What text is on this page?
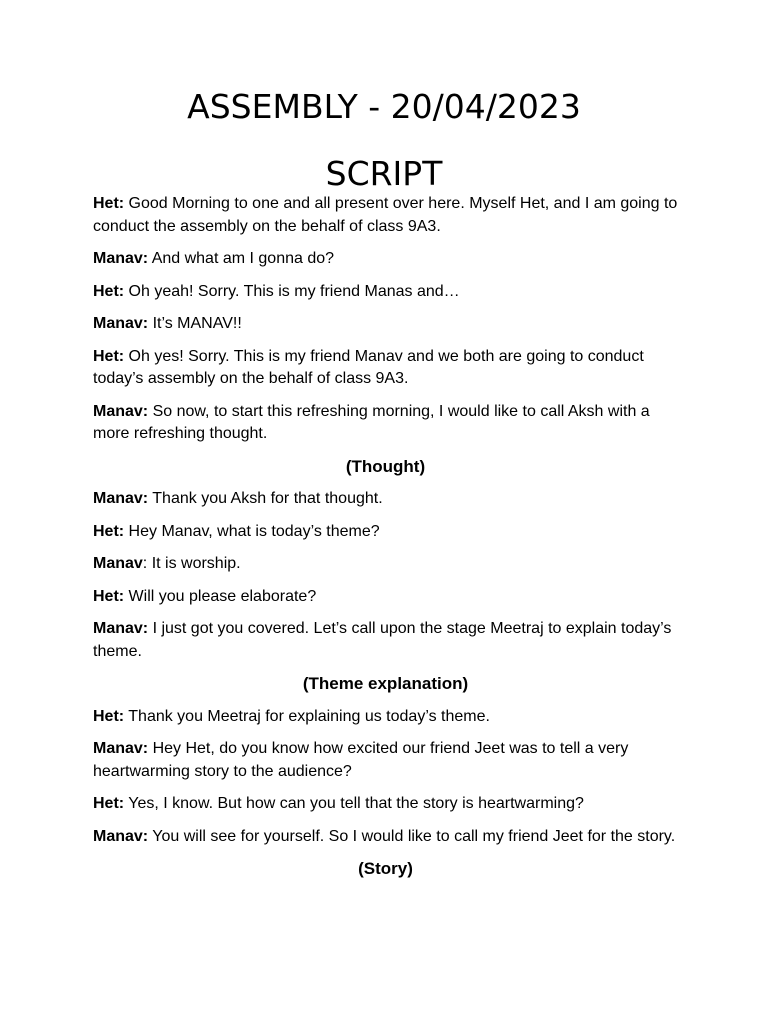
ASSEMBLY - 20/04/2023
SCRIPT

Het: Good Morning to one and all present over here. Myself Het, and I am going to conduct the assembly on the behalf of class 9A3.

Manav: And what am I gonna do?

Het: Oh yeah! Sorry. This is my friend Manas and…

Manav: It’s MANAV!!

Het: Oh yes! Sorry. This is my friend Manav and we both are going to conduct today’s assembly on the behalf of class 9A3.

Manav: So now, to start this refreshing morning, I would like to call Aksh with a more refreshing thought.

(Thought)

Manav: Thank you Aksh for that thought.

Het: Hey Manav, what is today’s theme?

Manav: It is worship.

Het: Will you please elaborate?

Manav: I just got you covered. Let’s call upon the stage Meetraj to explain today’s theme.

(Theme explanation)

Het: Thank you Meetraj for explaining us today’s theme.

Manav: Hey Het, do you know how excited our friend Jeet was to tell a very heartwarming story to the audience?

Het: Yes, I know. But how can you tell that the story is heartwarming?

Manav: You will see for yourself. So I would like to call my friend Jeet for the story.

(Story)
